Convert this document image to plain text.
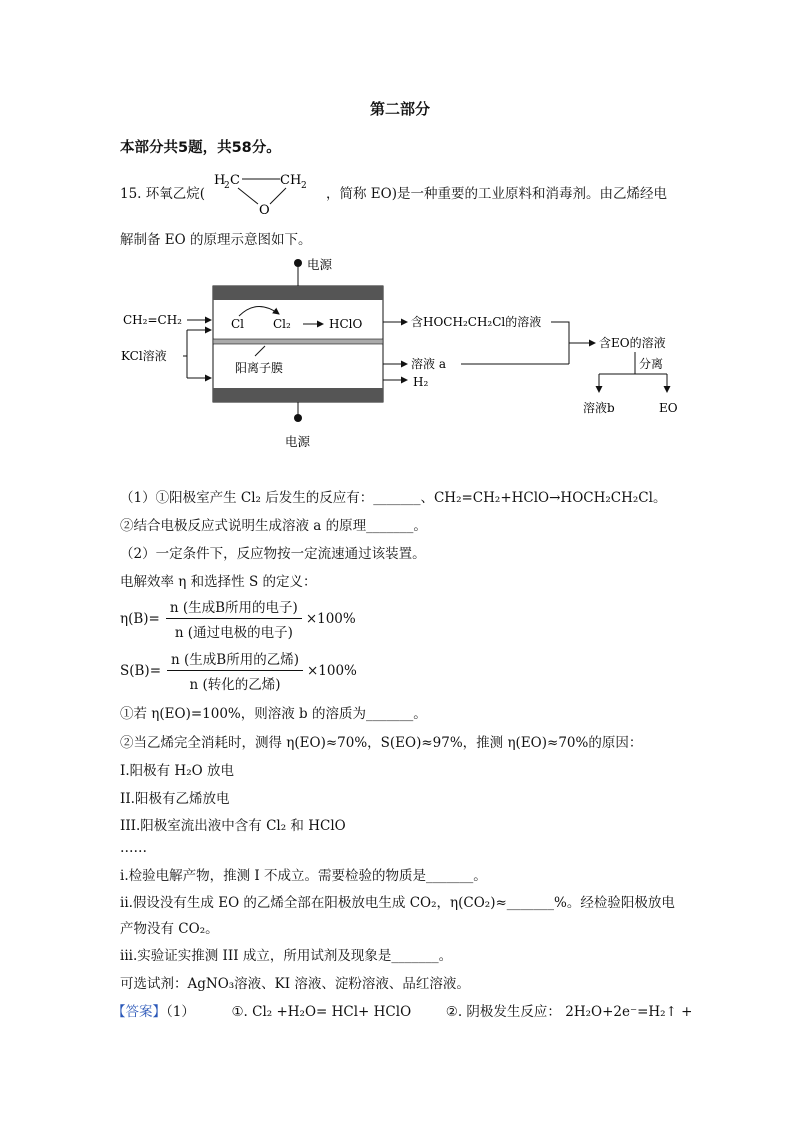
第二部分
本部分共5题，共58分。
15. 环氧乙烷(
H
2 C	CH 2
O
，简称 EO)是一种重要的工业原料和消毒剂。由乙烯经电
解制备 EO 的原理示意图如下。
电源
电源
CH₂=CH₂
KCl溶液
Cl Cl₂	HClO
阳离子膜
含HOCH₂CH₂Cl的溶液
溶液 a
H₂
含EO的溶液
分离
溶液b	EO
（1）①阳极室产生 Cl₂ 后发生的反应有：_______、CH₂=CH₂+HClO→HOCH₂CH₂Cl。
②结合电极反应式说明生成溶液 a 的原理_______。
（2）一定条件下，反应物按一定流速通过该装置。
电解效率 η 和选择性 S 的定义：
$\eta(B)= \frac{\text{n (生成B所用的电子)}}{\text{n (通过电极的电子)}} \times 100\%$
$S(B)= \frac{\text{n (生成B所用的乙烯)}}{\text{n (转化的乙烯)}} \times 100\%$
①若 η(EO)=100%，则溶液 b 的溶质为_______。
②当乙烯完全消耗时，测得 η(EO)≈70%，S(EO)≈97%，推测 η(EO)≈70%的原因：
I.阳极有 H₂O 放电
II.阳极有乙烯放电
III.阳极室流出液中含有 Cl₂ 和 HClO
……
i.检验电解产物，推测 I 不成立。需要检验的物质是_______。
ii.假设没有生成 EO 的乙烯全部在阳极放电生成 CO₂，η(CO₂)≈_______%。经检验阳极放电
产物没有 CO₂。
iii.实验证实推测 III 成立，所用试剂及现象是_______。
可选试剂：AgNO₃溶液、KI 溶液、淀粉溶液、品红溶液。
【答案】（1）	①. Cl₂ +H₂O= HCl+ HClO	②. 阴极发生反应： 2H₂O+2e⁻=H₂↑ +
